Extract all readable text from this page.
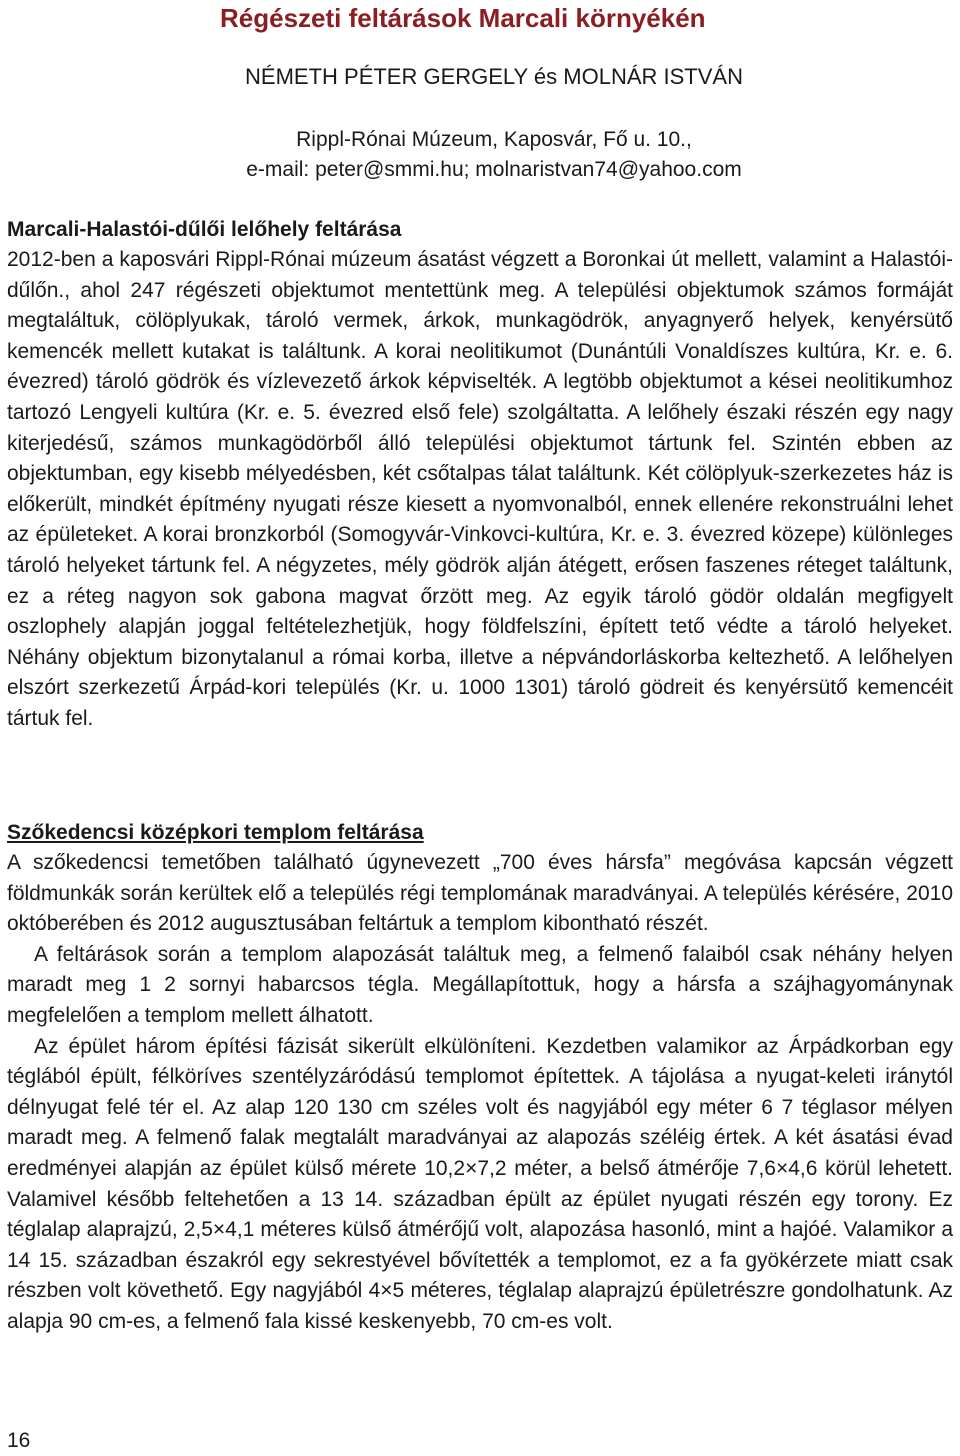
Régészeti feltárások Marcali környékén

NÉMETH PÉTER GERGELY és MOLNÁR ISTVÁN

Rippl-Rónai Múzeum, Kaposvár, Fő u. 10.,
e-mail: peter@smmi.hu; molnaristvan74@yahoo.com
Marcali-Halastói-dűlői lelőhely feltárása

2012-ben a kaposvári Rippl-Rónai múzeum ásatást végzett a Boronkai út mellett, valamint a Halastói-dűlőn., ahol 247 régészeti objektumot mentettünk meg. A települési objektumok számos formáját megtaláltuk, cölöplyukak, tároló vermek, árkok, munkagödrök, anyagnyerő helyek, kenyérsütő kemencék mellett kutakat is találtunk. A korai neolitikumot (Dunántúli Vonaldíszes kultúra, Kr. e. 6. évezred) tároló gödrök és vízlevezető árkok képviselték. A legtöbb objektumot a kései neolitikumhoz tartozó Lengyeli kultúra (Kr. e. 5. évezred első fele) szolgáltatta. A lelőhely északi részén egy nagy kiterjedésű, számos munkagödörből álló települési objektumot tártunk fel. Szintén ebben az objektumban, egy kisebb mélyedésben, két csőtalpas tálat találtunk. Két cölöplyuk-szerkezetes ház is előkerült, mindkét építmény nyugati része kiesett a nyomvonalból, ennek ellenére rekonstruálni lehet az épületeket. A korai bronzkorból (Somogyvár-Vinkovci-kultúra, Kr. e. 3. évezred közepe) különleges tároló helyeket tártunk fel. A négyzetes, mély gödrök alján átégett, erősen faszenes réteget találtunk, ez a réteg nagyon sok gabona magvat őrzött meg. Az egyik tároló gödör oldalán megfigyelt oszlophely alapján joggal feltételezhetjük, hogy földfelszíni, épített tető védte a tároló helyeket. Néhány objektum bizonytalanul a római korba, illetve a népvándorláskorba keltezhető. A lelőhelyen elszórt szerkezetű Árpád-kori település (Kr. u. 1000 1301) tároló gödreit és kenyérsütő kemencéit tártuk fel.

Szőkedencsi középkori templom feltárása

A szőkedencsi temetőben található úgynevezett „700 éves hársfa” megóvása kapcsán végzett földmunkák során kerültek elő a település régi templomának maradványai. A település kérésére, 2010 októberében és 2012 augusztusában feltártuk a templom kibontható részét.

A feltárások során a templom alapozását találtuk meg, a felmenő falaiból csak néhány helyen maradt meg 1 2 sornyi habarcsos tégla. Megállapítottuk, hogy a hársfa a szájhagyománynak megfelelően a templom mellett álhatott.

Az épület három építési fázisát sikerült elkülöníteni. Kezdetben valamikor az Árpádkorban egy téglából épült, félköríves szentélyzáródású templomot építettek. A tájolása a nyugat-keleti iránytól délnyugat felé tér el. Az alap 120 130 cm széles volt és nagyjából egy méter 6 7 téglasor mélyen maradt meg. A felmenő falak megtalált maradványai az alapozás széléig értek. A két ásatási évad eredményei alapján az épület külső mérete 10,2×7,2 méter, a belső átmérője 7,6×4,6 körül lehetett. Valamivel később feltehetően a 13 14. században épült az épület nyugati részén egy torony. Ez téglalap alaprajzú, 2,5×4,1 méteres külső átmérőjű volt, alapozása hasonló, mint a hajóé. Valamikor a 14 15. században északról egy sekrestyével bővítették a templomot, ez a fa gyökérzete miatt csak részben volt követhető. Egy nagyjából 4×5 méteres, téglalap alaprajzú épületrészre gondolhatunk. Az alapja 90 cm-es, a felmenő fala kissé keskenyebb, 70 cm-es volt.

16
